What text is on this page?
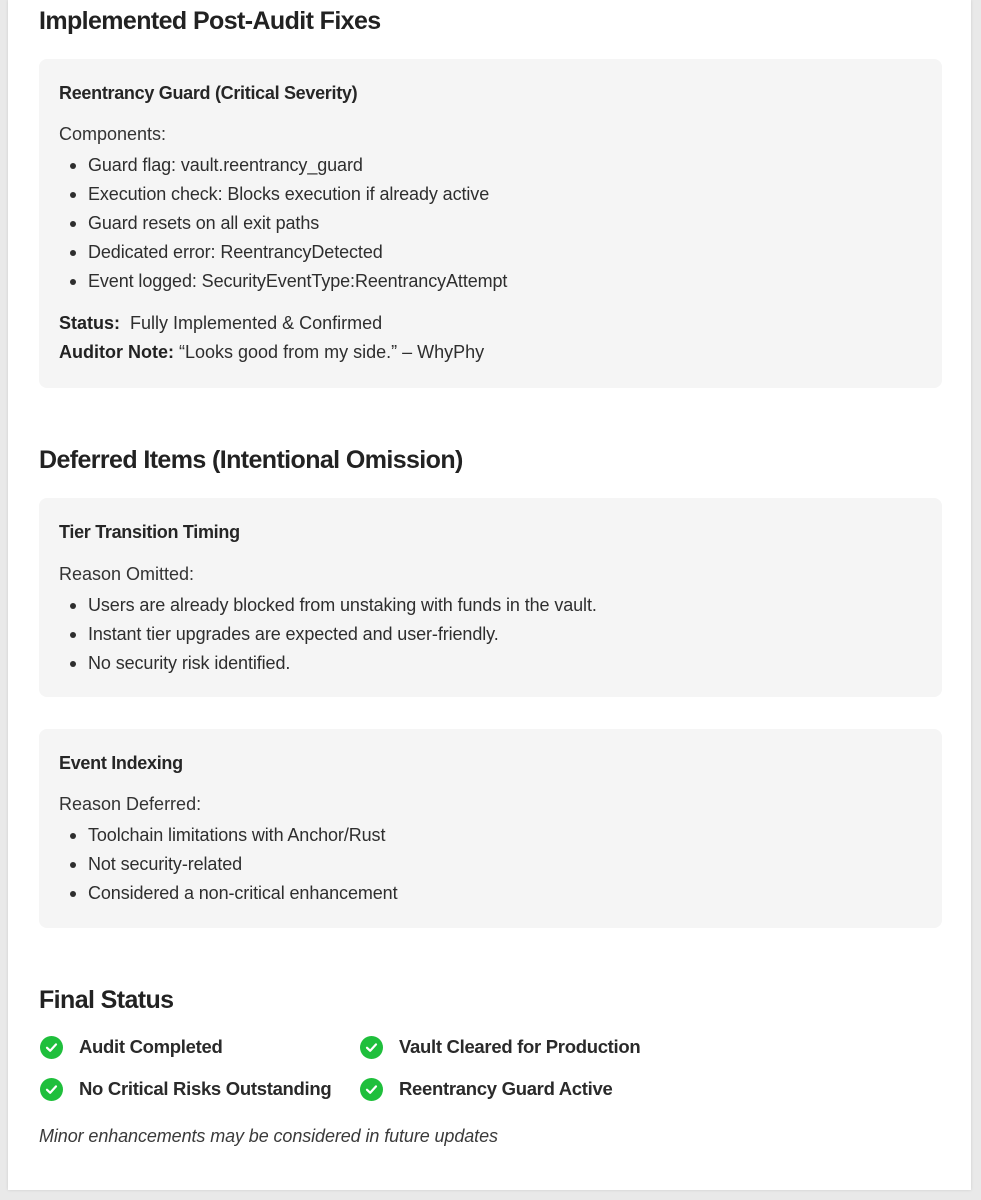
Implemented Post-Audit Fixes
Reentrancy Guard (Critical Severity)
Components:
Guard flag: vault.reentrancy_guard
Execution check: Blocks execution if already active
Guard resets on all exit paths
Dedicated error: ReentrancyDetected
Event logged: SecurityEventType:ReentrancyAttempt
Status: Fully Implemented & Confirmed
Auditor Note: “Looks good from my side.” – WhyPhy
Deferred Items (Intentional Omission)
Tier Transition Timing
Reason Omitted:
Users are already blocked from unstaking with funds in the vault.
Instant tier upgrades are expected and user-friendly.
No security risk identified.
Event Indexing
Reason Deferred:
Toolchain limitations with Anchor/Rust
Not security-related
Considered a non-critical enhancement
Final Status
Audit Completed	Vault Cleared for Production
No Critical Risks Outstanding	Reentrancy Guard Active
Minor enhancements may be considered in future updates
